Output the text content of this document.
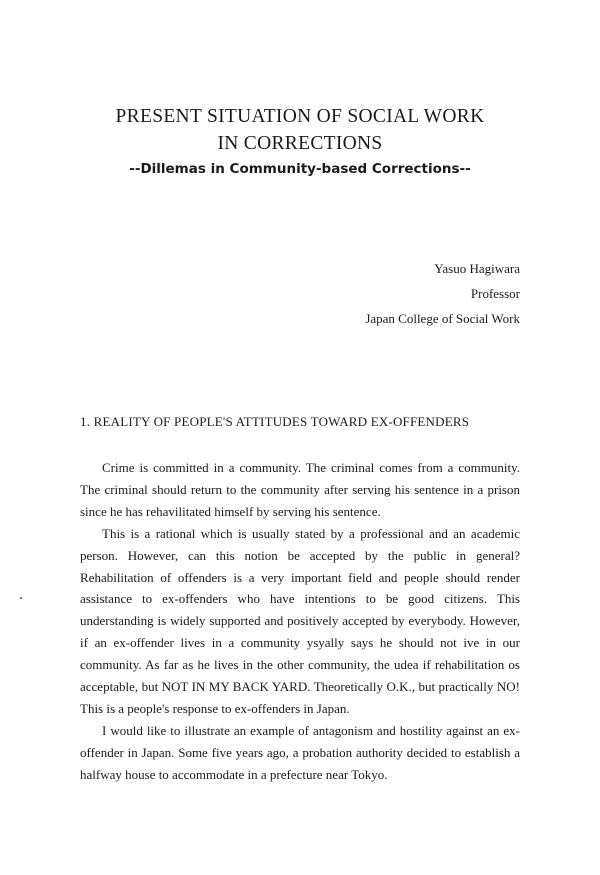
PRESENT SITUATION OF SOCIAL WORK
IN CORRECTIONS
--Dillemas in Community-based Corrections--
Yasuo Hagiwara
Professor
Japan College of Social Work
1. REALITY OF PEOPLE'S ATTITUDES TOWARD EX-OFFENDERS

Crime is committed in a community. The criminal comes from a community. The criminal should return to the community after serving his sentence in a prison since he has rehavilitated himself by serving his sentence.

This is a rational which is usually stated by a professional and an academic person. However, can this notion be accepted by the public in general? Rehabilitation of offenders is a very important field and people should render assistance to ex-offenders who have intentions to be good citizens. This understanding is widely supported and positively accepted by everybody. However, if an ex-offender lives in a community ysyally says he should not ive in our community. As far as he lives in the other community, the udea if rehabilitation os acceptable, but NOT IN MY BACK YARD. Theoretically O.K., but practically NO! This is a people's response to ex-offenders in Japan.

I would like to illustrate an example of antagonism and hostility against an ex-offender in Japan. Some five years ago, a probation authority decided to establish a halfway house to accommodate in a prefecture near Tokyo.
